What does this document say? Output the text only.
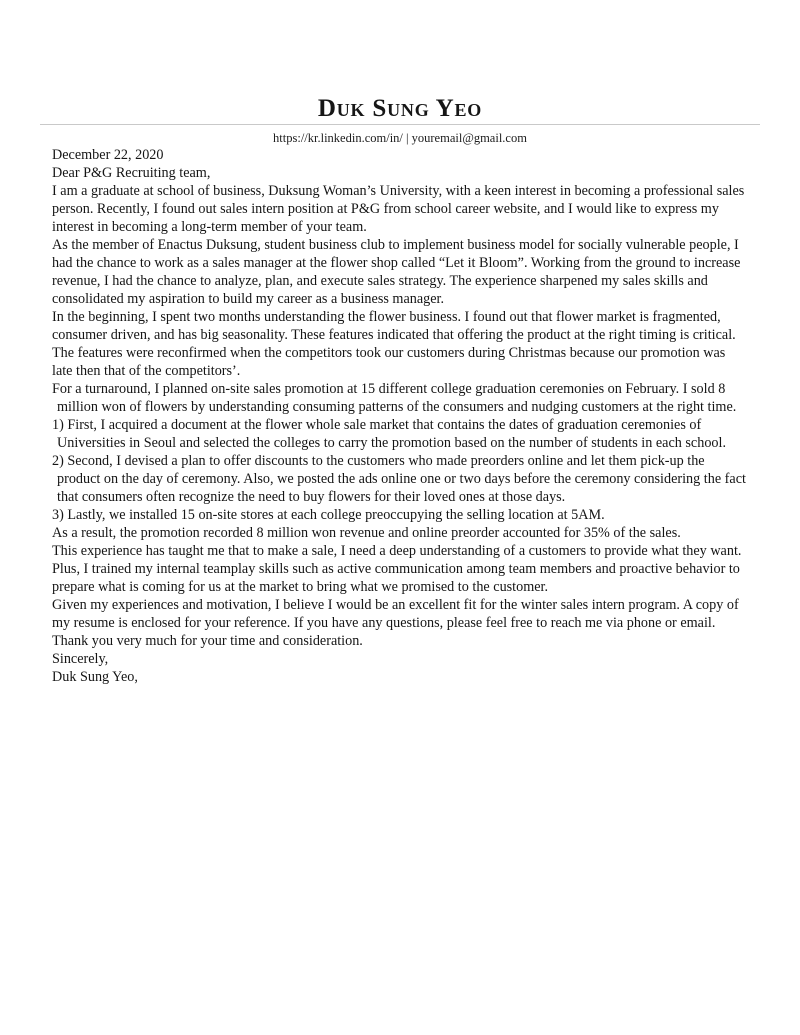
Duk Sung Yeo
https://kr.linkedin.com/in/ | youremail@gmail.com

December 22, 2020

Dear P&G Recruiting team,

I am a graduate at school of business, Duksung Woman’s University, with a keen interest in becoming a professional sales person. Recently, I found out sales intern position at P&G from school career website, and I would like to express my interest in becoming a long-term member of your team.

As the member of Enactus Duksung, student business club to implement business model for socially vulnerable people, I had the chance to work as a sales manager at the flower shop called “Let it Bloom”. Working from the ground to increase revenue, I had the chance to analyze, plan, and execute sales strategy. The experience sharpened my sales skills and consolidated my aspiration to build my career as a business manager.

In the beginning, I spent two months understanding the flower business. I found out that flower market is fragmented, consumer driven, and has big seasonality. These features indicated that offering the product at the right timing is critical. The features were reconfirmed when the competitors took our customers during Christmas because our promotion was late then that of the competitors’.

For a turnaround, I planned on-site sales promotion at 15 different college graduation ceremonies on February. I sold 8 million won of flowers by understanding consuming patterns of the consumers and nudging customers at the right time.

1) First, I acquired a document at the flower whole sale market that contains the dates of graduation ceremonies of Universities in Seoul and selected the colleges to carry the promotion based on the number of students in each school.

2) Second, I devised a plan to offer discounts to the customers who made preorders online and let them pick-up the product on the day of ceremony. Also, we posted the ads online one or two days before the ceremony considering the fact that consumers often recognize the need to buy flowers for their loved ones at those days.

3) Lastly, we installed 15 on-site stores at each college preoccupying the selling location at 5AM.

As a result, the promotion recorded 8 million won revenue and online preorder accounted for 35% of the sales.

This experience has taught me that to make a sale, I need a deep understanding of a customers to provide what they want. Plus, I trained my internal teamplay skills such as active communication among team members and proactive behavior to prepare what is coming for us at the market to bring what we promised to the customer.

Given my experiences and motivation, I believe I would be an excellent fit for the winter sales intern program. A copy of my resume is enclosed for your reference. If you have any questions, please feel free to reach me via phone or email.

Thank you very much for your time and consideration.

Sincerely,

Duk Sung Yeo,
